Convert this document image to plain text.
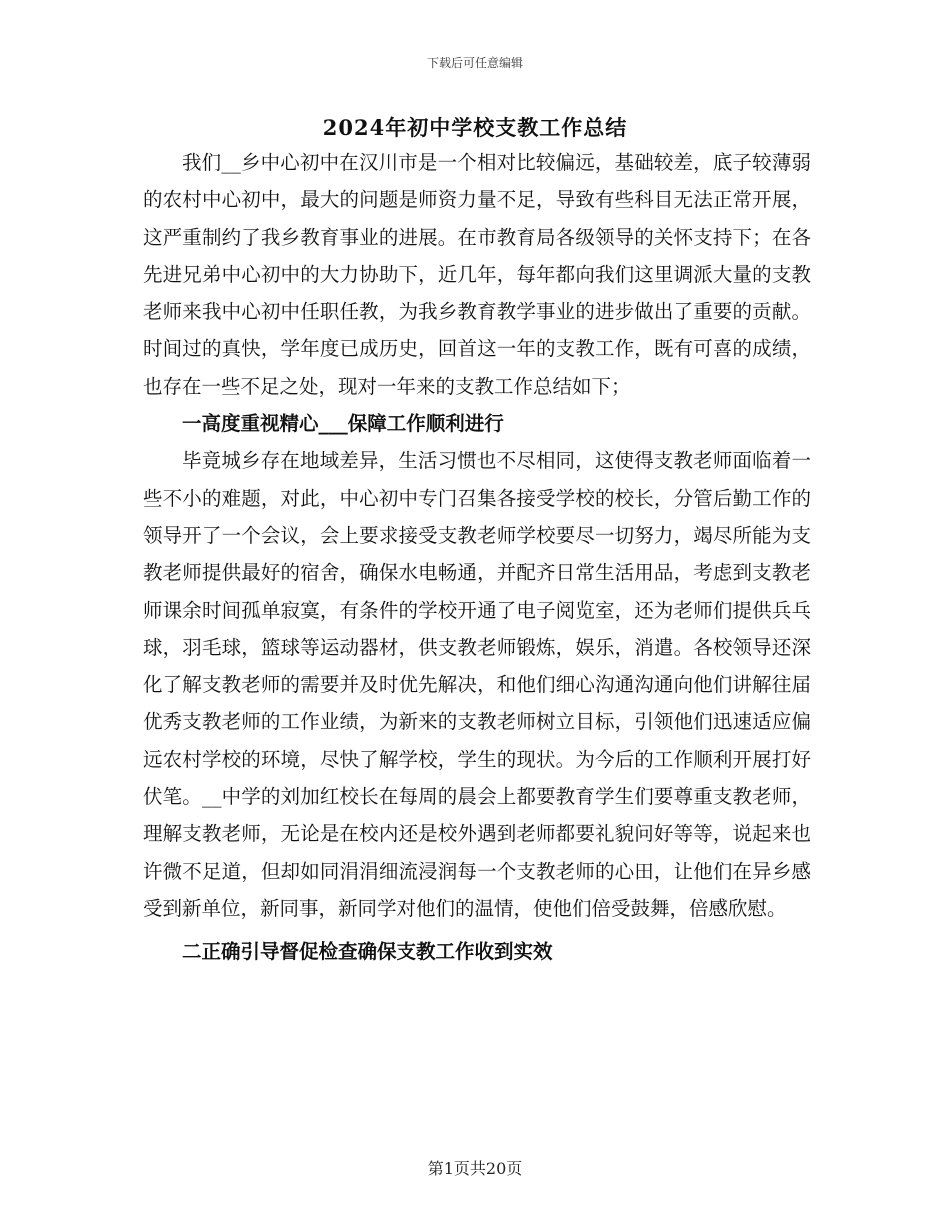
下载后可任意编辑
2024年初中学校支教工作总结

我们__乡中心初中在汉川市是一个相对比较偏远，基础较差，底子较薄弱的农村中心初中，最大的问题是师资力量不足，导致有些科目无法正常开展，这严重制约了我乡教育事业的进展。在市教育局各级领导的关怀支持下；在各先进兄弟中心初中的大力协助下，近几年，每年都向我们这里调派大量的支教老师来我中心初中任职任教，为我乡教育教学事业的进步做出了重要的贡献。时间过的真快，学年度已成历史，回首这一年的支教工作，既有可喜的成绩，也存在一些不足之处，现对一年来的支教工作总结如下；

一高度重视精心___保障工作顺利进行

毕竟城乡存在地域差异，生活习惯也不尽相同，这使得支教老师面临着一些不小的难题，对此，中心初中专门召集各接受学校的校长，分管后勤工作的领导开了一个会议，会上要求接受支教老师学校要尽一切努力，竭尽所能为支教老师提供最好的宿舍，确保水电畅通，并配齐日常生活用品，考虑到支教老师课余时间孤单寂寞，有条件的学校开通了电子阅览室，还为老师们提供兵乓球，羽毛球，篮球等运动器材，供支教老师锻炼，娱乐，消遣。各校领导还深化了解支教老师的需要并及时优先解决，和他们细心沟通沟通向他们讲解往届优秀支教老师的工作业绩，为新来的支教老师树立目标，引领他们迅速适应偏远农村学校的环境，尽快了解学校，学生的现状。为今后的工作顺利开展打好伏笔。__中学的刘加红校长在每周的晨会上都要教育学生们要尊重支教老师，理解支教老师，无论是在校内还是校外遇到老师都要礼貌问好等等，说起来也许微不足道，但却如同涓涓细流浸润每一个支教老师的心田，让他们在异乡感受到新单位，新同事，新同学对他们的温情，使他们倍受鼓舞，倍感欣慰。

二正确引导督促检查确保支教工作收到实效

第1页共20页
